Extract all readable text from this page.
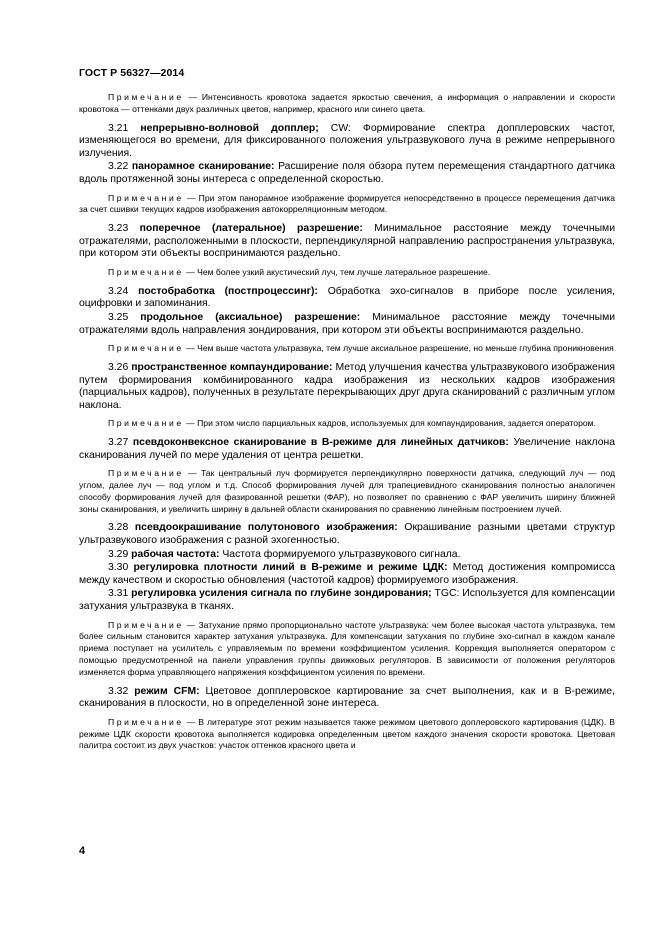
ГОСТ Р 56327—2014

Примечание — Интенсивность кровотока задается яркостью свечения, а информация о направлении и скорости кровотока — оттенками двух различных цветов, например, красного или синего цвета.

3.21 непрерывно-волновой допплер; CW: Формирование спектра допплеровских частот, изменяющегося во времени, для фиксированного положения ультразвукового луча в режиме непрерывного излучения.

3.22 панорамное сканирование: Расширение поля обзора путем перемещения стандартного датчика вдоль протяженной зоны интереса с определенной скоростью.

Примечание — При этом панорамное изображение формируется непосредственно в процессе перемещения датчика за счет сшивки текущих кадров изображения автокорреляционным методом.

3.23 поперечное (латеральное) разрешение: Минимальное расстояние между точечными отражателями, расположенными в плоскости, перпендикулярной направлению распространения ультразвука, при котором эти объекты воспринимаются раздельно.

Примечание — Чем более узкий акустический луч, тем лучше латеральное разрешение.

3.24 постобработка (постпроцессинг): Обработка эхо-сигналов в приборе после усиления, оцифровки и запоминания.

3.25 продольное (аксиальное) разрешение: Минимальное расстояние между точечными отражателями вдоль направления зондирования, при котором эти объекты воспринимаются раздельно.

Примечание — Чем выше частота ультразвука, тем лучше аксиальное разрешение, но меньше глубина проникновения

3.26 пространственное компаундирование: Метод улучшения качества ультразвукового изображения путем формирования комбинированного кадра изображения из нескольких кадров изображения (парциальных кадров), полученных в результате перекрывающих друг друга сканирований с различным углом наклона.

Примечание — При этом число парциальных кадров, используемых для компаундирования, задается оператором.

3.27 псевдоконвексное сканирование в В-режиме для линейных датчиков: Увеличение наклона сканирования лучей по мере удаления от центра решетки.

Примечание — Так центральный луч формируется перпендикулярно поверхности датчика, следующий луч — под углом, далее луч — под углом и т.д. Способ формирования лучей для трапециевидного сканирования полностью аналогичен способу формирования лучей для фазированной решетки (ФАР), но позволяет по сравнению с ФАР увеличить ширину ближней зоны сканирования, и увеличить ширину в дальней области сканирования по сравнению линейным построением лучей.

3.28 псевдоокрашивание полутонового изображения: Окрашивание разными цветами структур ультразвукового изображения с разной эхогенностью.

3.29 рабочая частота: Частота формируемого ультразвукового сигнала.

3.30 регулировка плотности линий в В-режиме и режиме ЦДК: Метод достижения компромисса между качеством и скоростью обновления (частотой кадров) формируемого изображения.

3.31 регулировка усиления сигнала по глубине зондирования; TGC: Используется для компенсации затухания ультразвука в тканях.

Примечание — Затухание прямо пропорционально частоте ультразвука: чем более высокая частота ультразвука, тем более сильным становится характер затухания ультразвука. Для компенсации затухания по глубине эхо-сигнал в каждом канале приема поступает на усилитель с управляемым по времени коэффициентом усиления. Коррекция выполняется оператором с помощью предусмотренной на панели управления группы движковых регуляторов. В зависимости от положения регуляторов изменяется форма управляющего напряжения коэффициентом усиления по времени.

3.32 режим CFM: Цветовое допплеровское картирование за счет выполнения, как и в В-режиме, сканирования в плоскости, но в определенной зоне интереса.

Примечание — В литературе этот режим называется также режимом цветового доплеровского картирования (ЦДК). В режиме ЦДК скорости кровотока выполняется кодировка определенным цветом каждого значения скорости кровотока. Цветовая палитра состоит из двух участков: участок оттенков красного цвета и

4
